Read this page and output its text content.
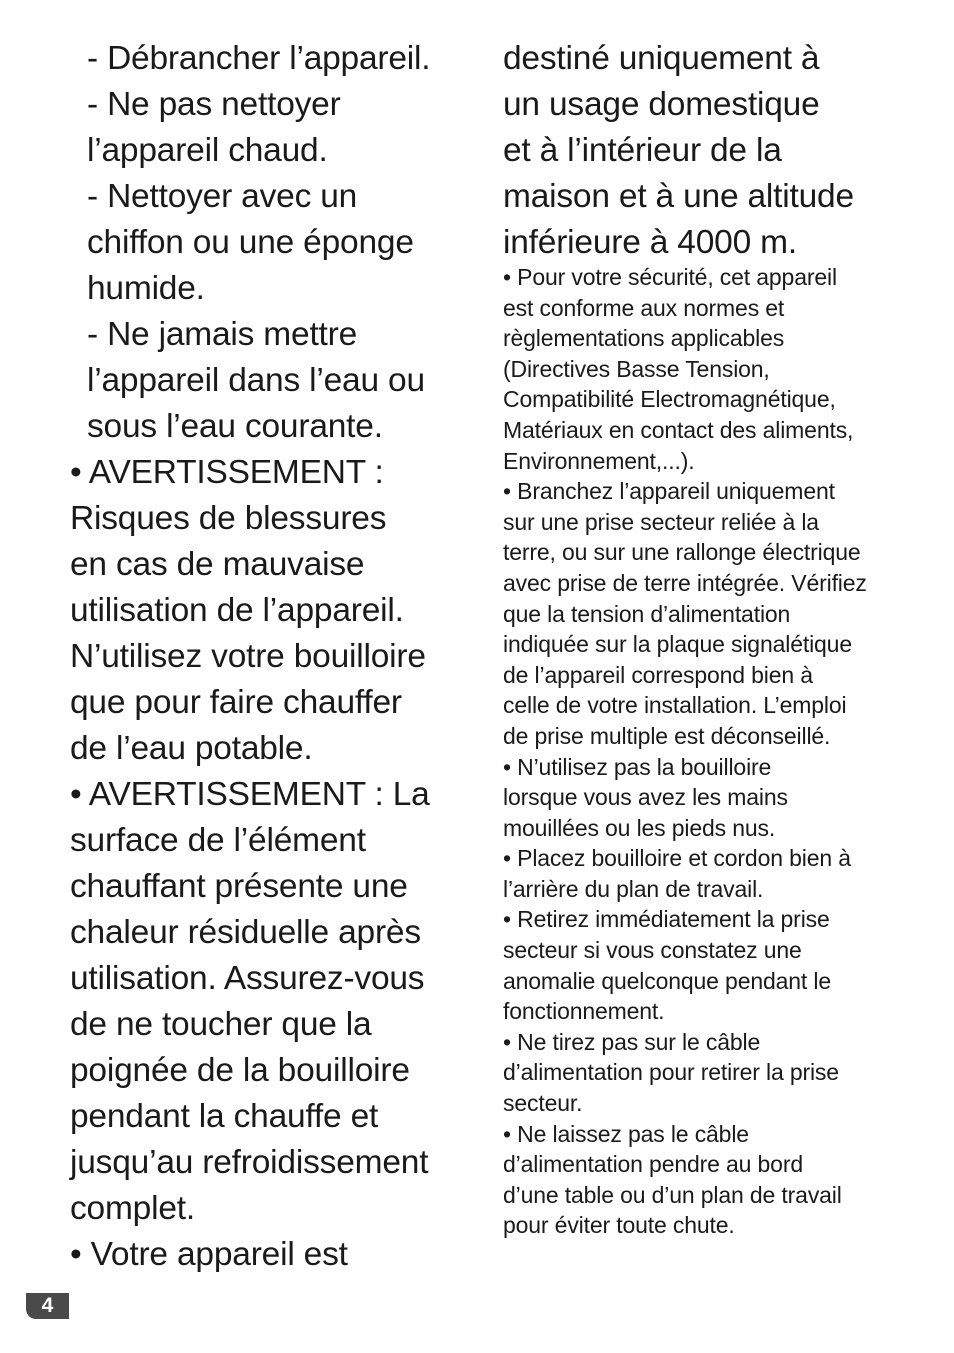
- Débrancher l’appareil.
- Ne pas nettoyer
l’appareil chaud.
- Nettoyer avec un
chiffon ou une éponge
humide.
- Ne jamais mettre
l’appareil dans l’eau ou
sous l’eau courante.
• AVERTISSEMENT :
Risques de blessures
en cas de mauvaise
utilisation de l’appareil.
N’utilisez votre bouilloire
que pour faire chauffer
de l’eau potable.
• AVERTISSEMENT : La
surface de l’élément
chauffant présente une
chaleur résiduelle après
utilisation. Assurez-vous
de ne toucher que la
poignée de la bouilloire
pendant la chauffe et
jusqu’au refroidissement
complet.
• Votre appareil est
destiné uniquement à
un usage domestique
et à l’intérieur de la
maison et à une altitude
inférieure à 4000 m.
• Pour votre sécurité, cet appareil
est conforme aux normes et
règlementations applicables
(Directives Basse Tension,
Compatibilité Electromagnétique,
Matériaux en contact des aliments,
Environnement,...).
• Branchez l’appareil uniquement
sur une prise secteur reliée à la
terre, ou sur une rallonge électrique
avec prise de terre intégrée. Vérifiez
que la tension d’alimentation
indiquée sur la plaque signalétique
de l’appareil correspond bien à
celle de votre installation. L’emploi
de prise multiple est déconseillé.
• N’utilisez pas la bouilloire
lorsque vous avez les mains
mouillées ou les pieds nus.
• Placez bouilloire et cordon bien à
l’arrière du plan de travail.
• Retirez immédiatement la prise
secteur si vous constatez une
anomalie quelconque pendant le
fonctionnement.
• Ne tirez pas sur le câble
d’alimentation pour retirer la prise
secteur.
• Ne laissez pas le câble
d’alimentation pendre au bord
d’une table ou d’un plan de travail
pour éviter toute chute.
4
